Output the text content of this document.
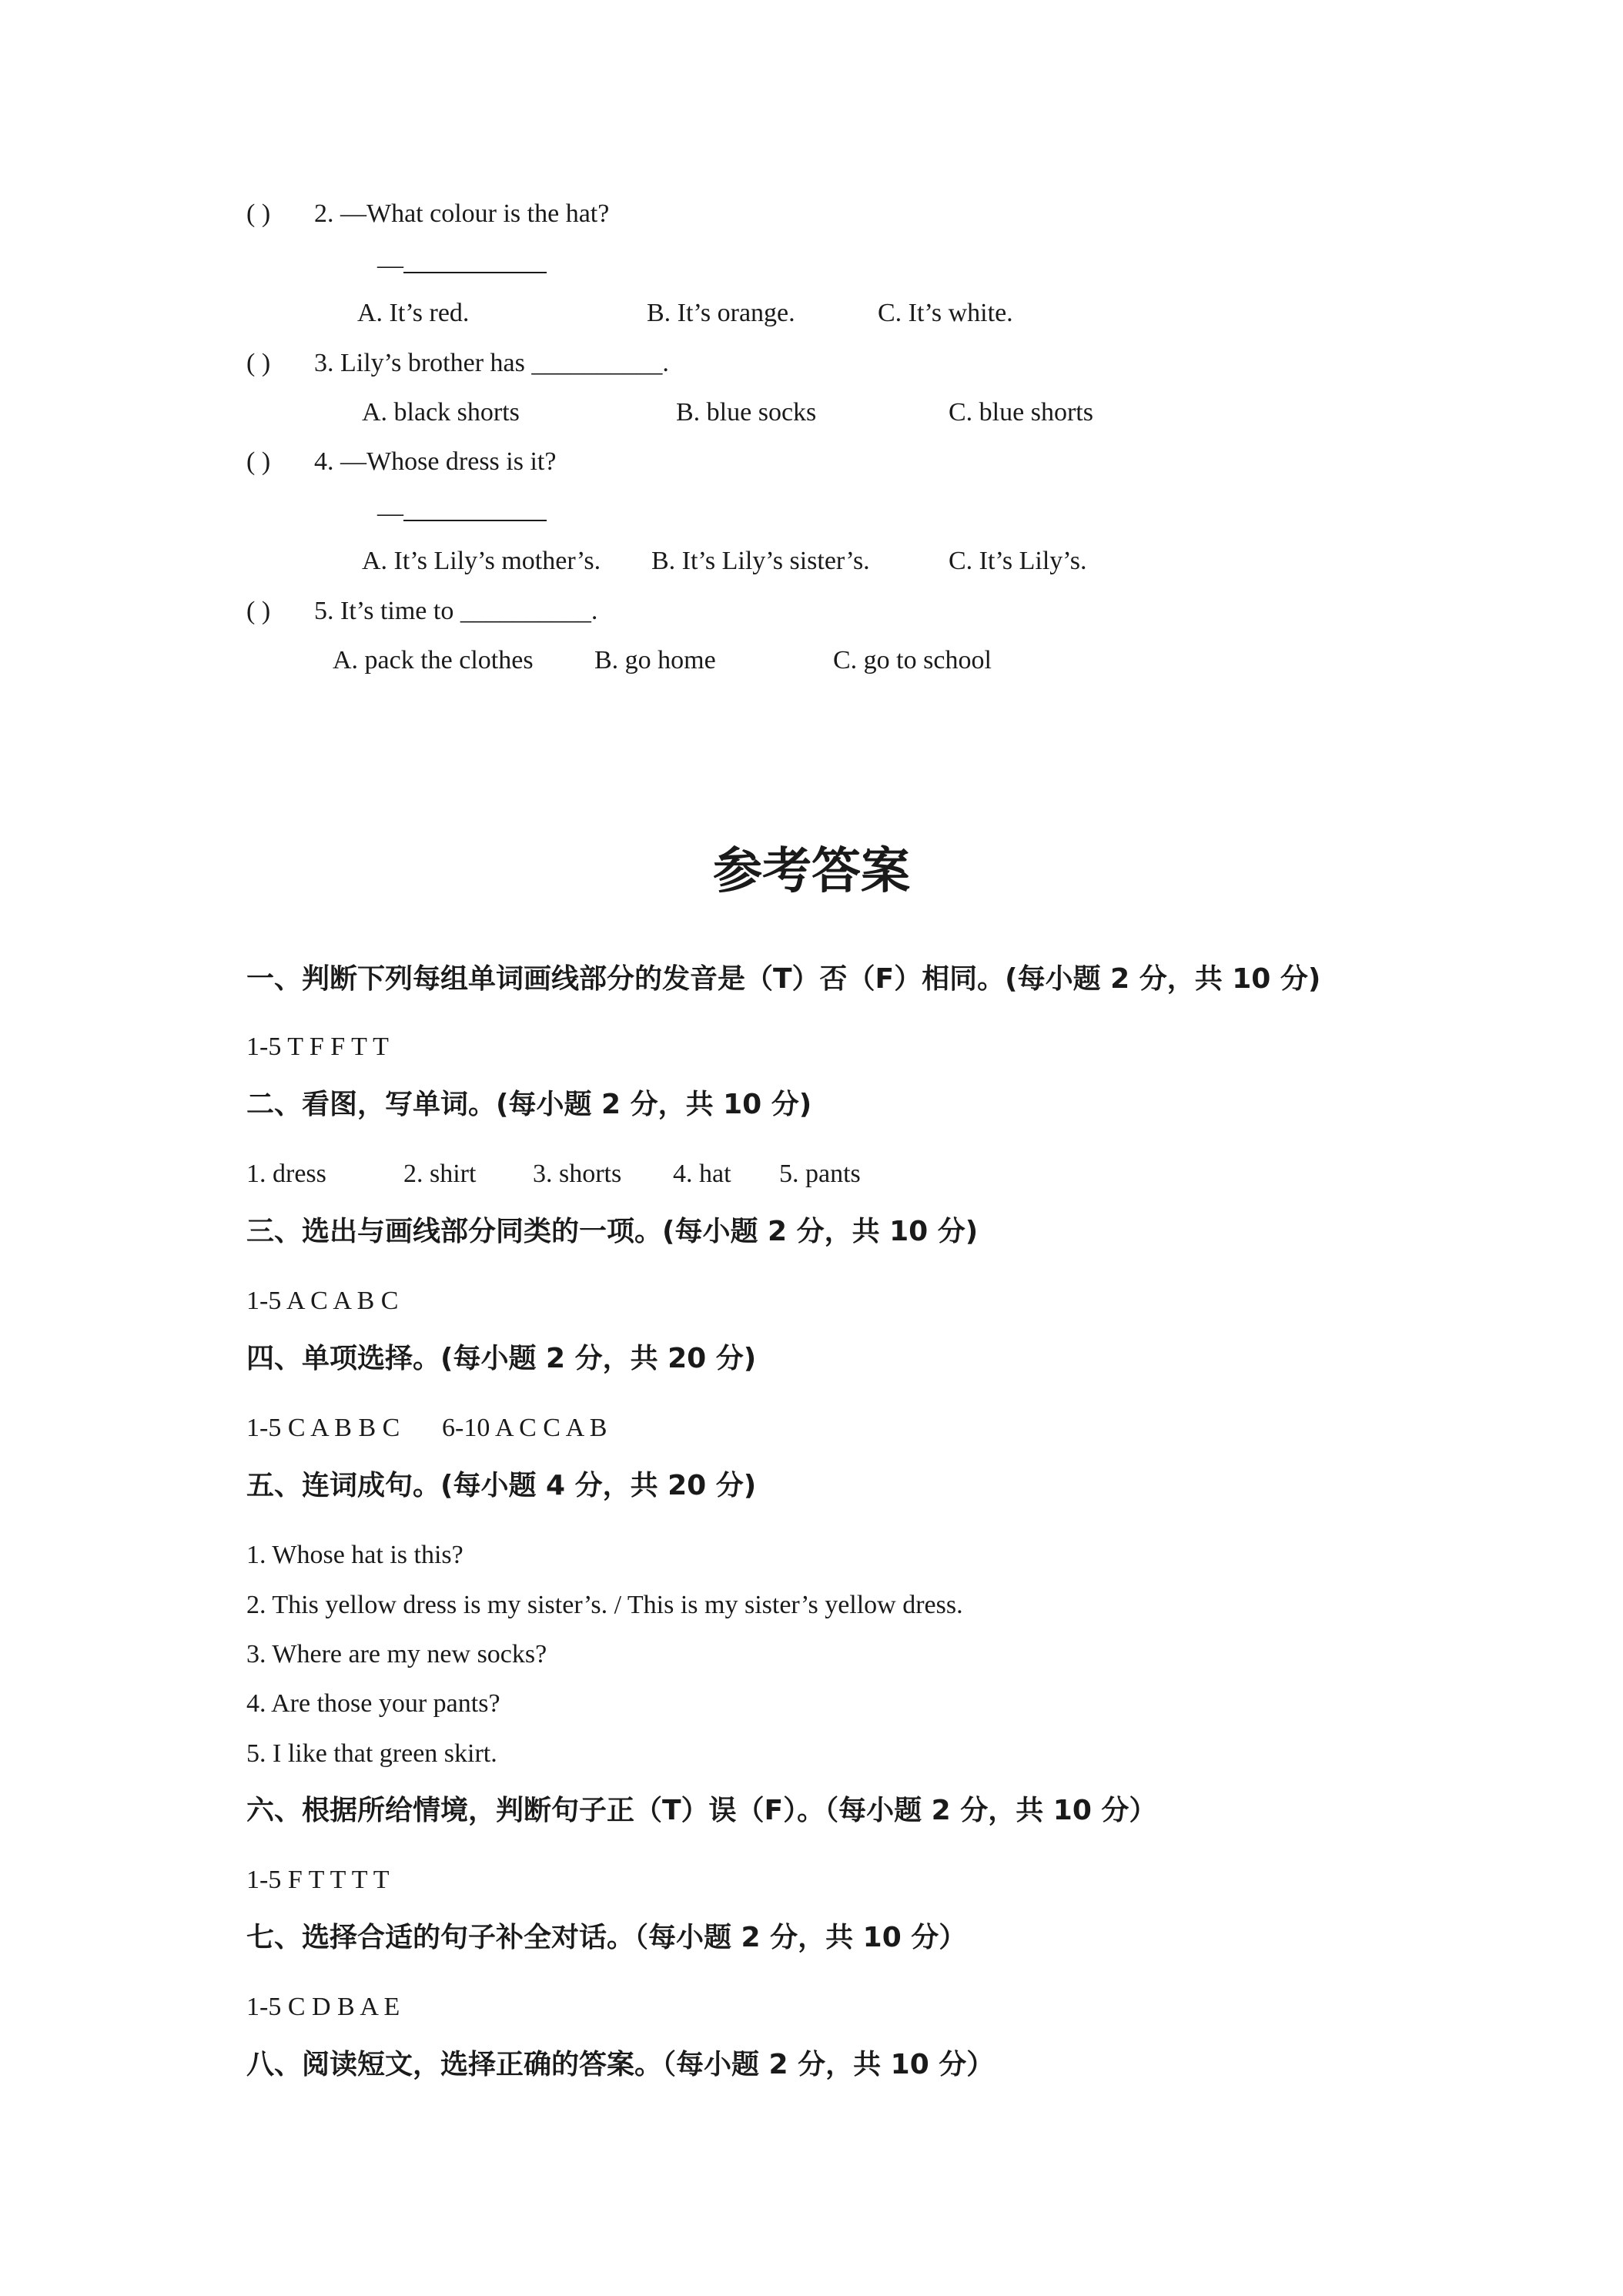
( ) 2. —What colour is the hat?
—
A. It’s red.	B. It’s orange.	C. It’s white.
( ) 3. Lily’s brother has __________.
A. black shorts	B. blue socks	C. blue shorts
( ) 4. —Whose dress is it?
—
A. It’s Lily’s mother’s. B. It’s Lily’s sister’s.	C. It’s Lily’s.
( ) 5. It’s time to __________.
A. pack the clothes B. go home	C. go to school
参考答案
一、判断下列每组单词画线部分的发音是（T）否（F）相同。(每小题 2 分，共 10 分)
1-5 T F F T T
二、看图，写单词。(每小题 2 分，共 10 分)
1. dress	2. shirt 3. shorts 4. hat 5. pants
三、选出与画线部分同类的一项。(每小题 2 分，共 10 分)
1-5 A C A B C
四、单项选择。(每小题 2 分，共 20 分)
1-5 C A B B C 6-10 A C C A B
五、连词成句。(每小题 4 分，共 20 分)
1. Whose hat is this?
2. This yellow dress is my sister’s. / This is my sister’s yellow dress.
3. Where are my new socks?
4. Are those your pants?
5. I like that green skirt.
六、根据所给情境，判断句子正（T）误（F）。（每小题 2 分，共 10 分）
1-5 F T T T T
七、选择合适的句子补全对话。（每小题 2 分，共 10 分）
1-5 C D B A E
八、阅读短文，选择正确的答案。（每小题 2 分，共 10 分）
